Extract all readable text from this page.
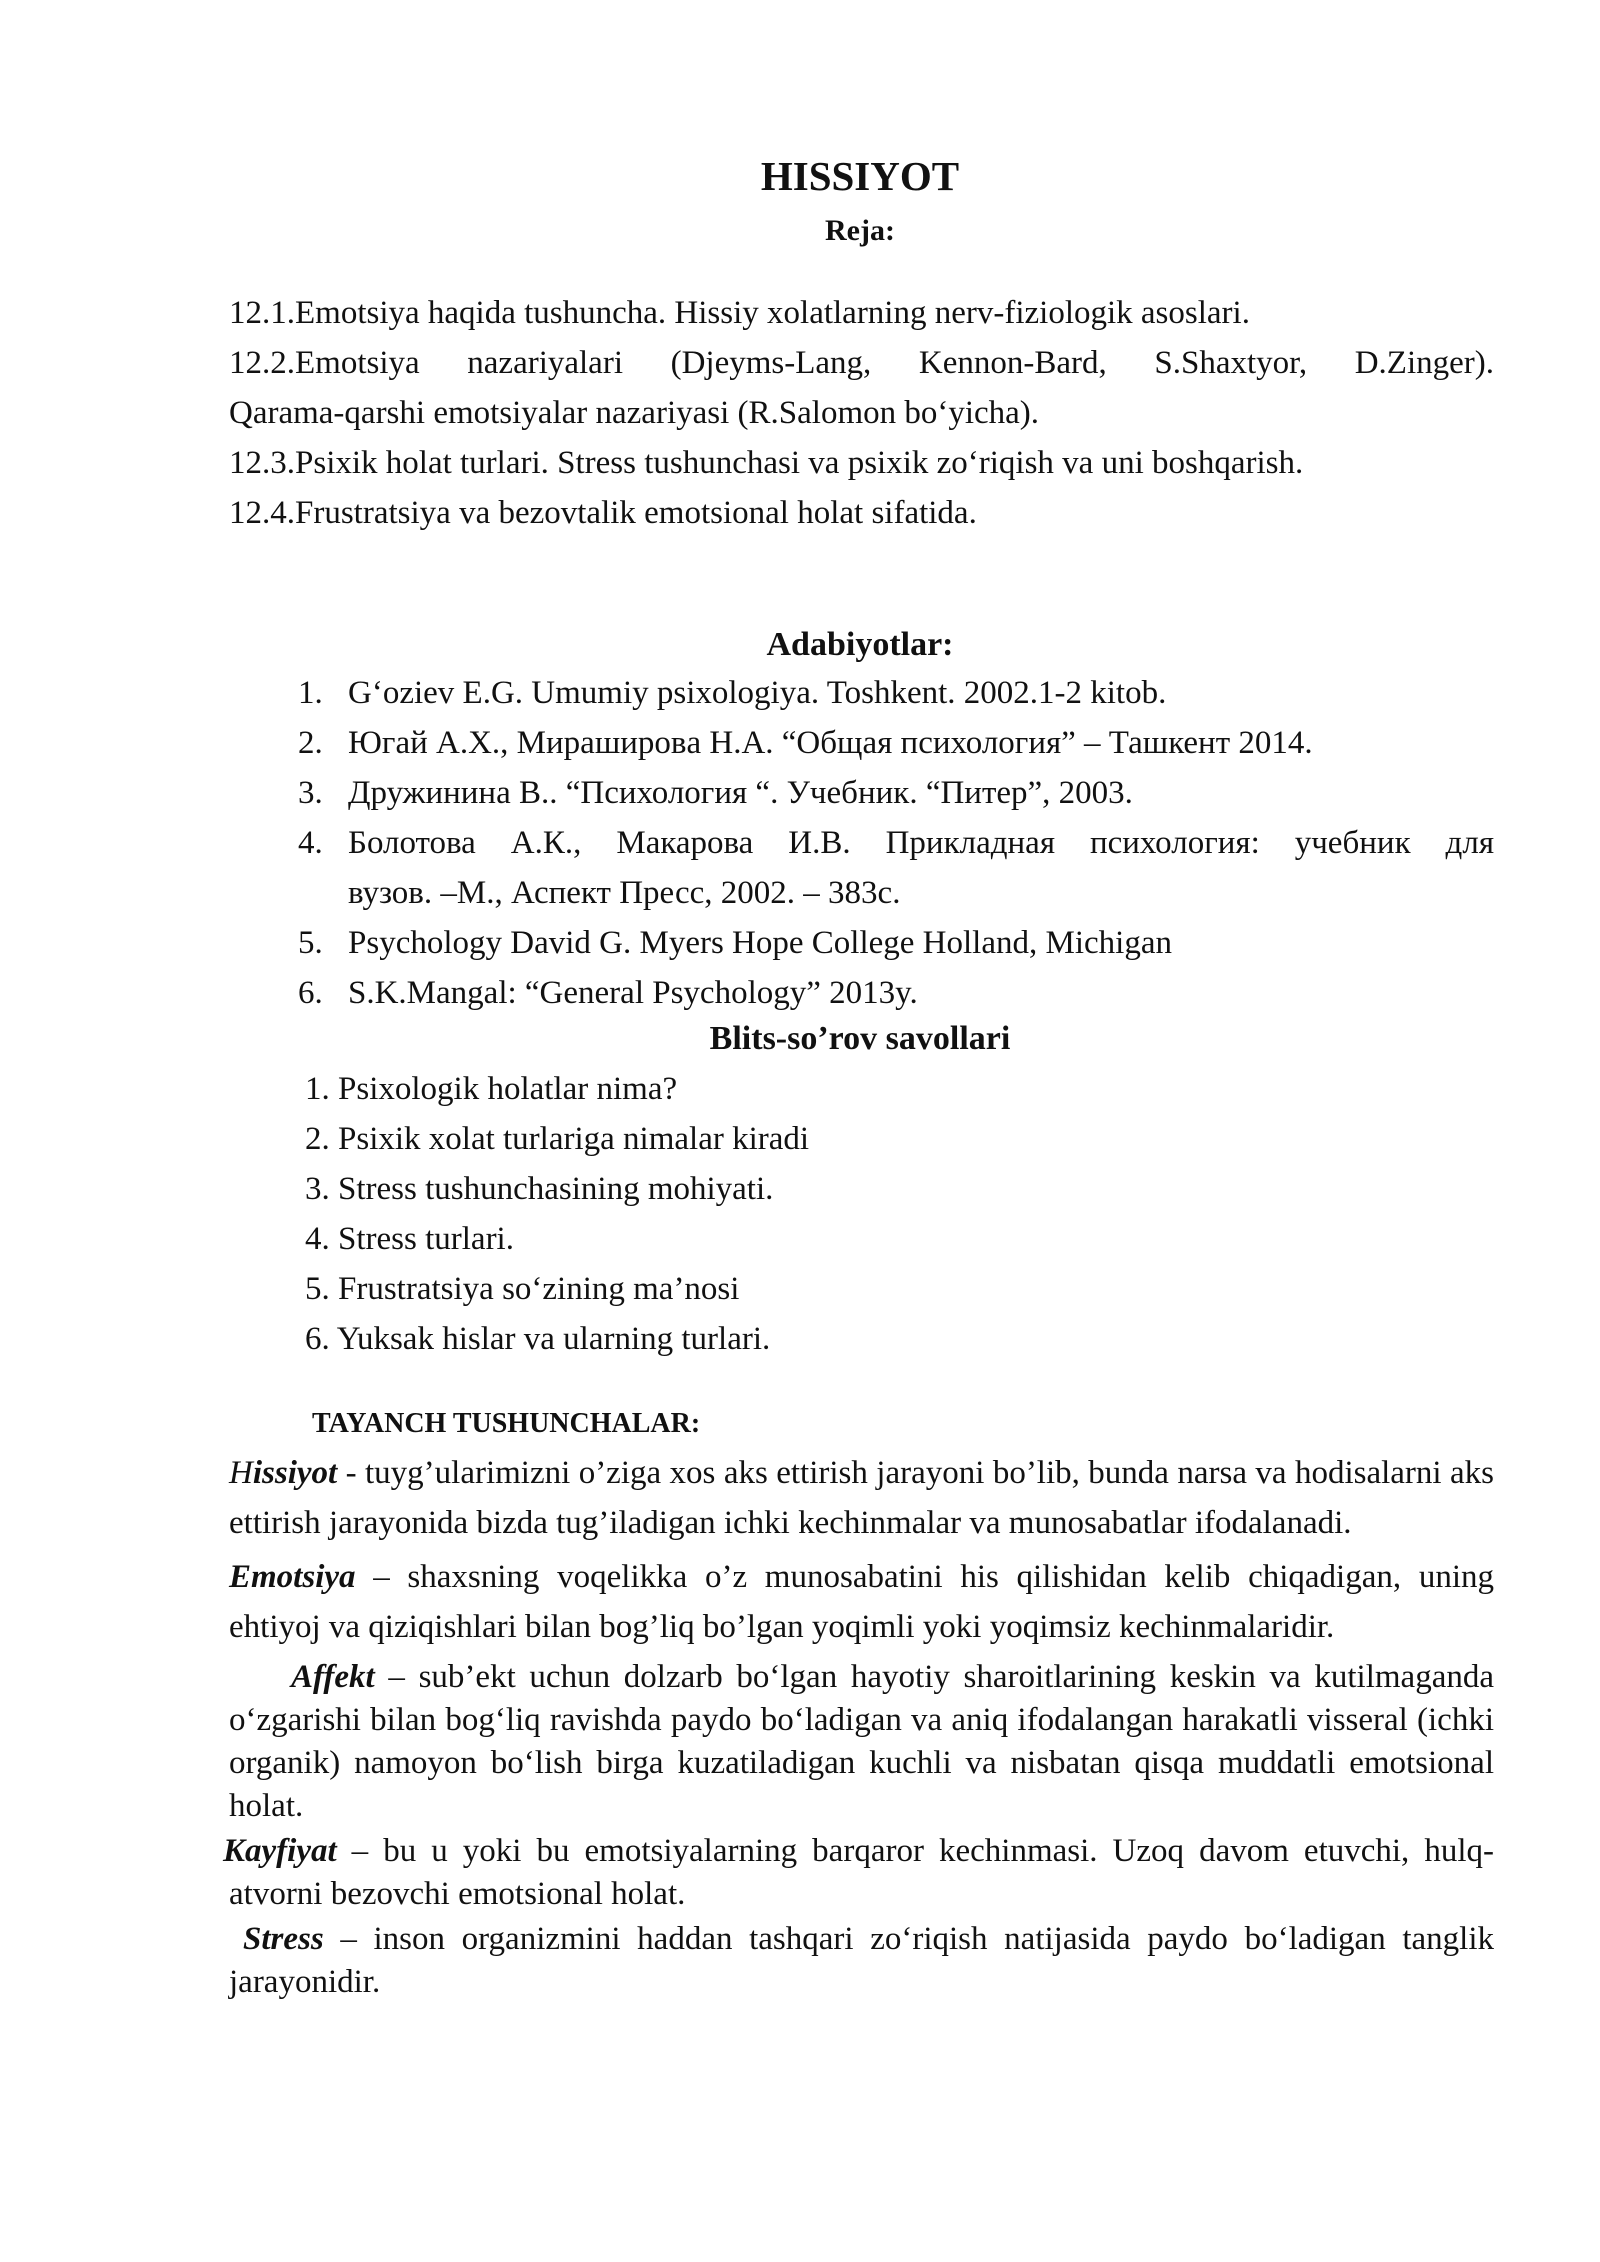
HISSIYOT
Reja:
12.1.Emotsiya haqida tushuncha. Hissiy xolatlarning nerv-fiziologik asoslari.
12.2.Emotsiya nazariyalari (Djeyms-Lang, Kennon-Bard, S.Shaxtyor, D.Zinger).
Qarama-qarshi emotsiyalar nazariyasi (R.Salomon bo‘yicha).
12.3.Psixik holat turlari. Stress tushunchasi va psixik zo‘riqish va uni boshqarish.
12.4.Frustratsiya va bezovtalik emotsional holat sifatida.
Adabiyotlar:
1. G‘oziev E.G. Umumiy psixologiya. Toshkent. 2002.1-2 kitob.
2. Югай А.Х., Мирашировa Н.А. “Общая психология” – Ташкент 2014.
3. Дружинина В.. “Психология “. Учебник. “Питер”, 2003.
4. Болотова А.К., Макарова И.В. Прикладная психология: учебник для
вузов. –М., Аспект Пресс, 2002. – 383с.
5. Psychology David G. Myers Hope College Holland, Michigan
6. S.K.Mangal: “General Psychology” 2013y.
Blits-so’rov savollari
1. Psixologik holatlar nima?
2. Psixik xolat turlariga nimalar kiradi
3. Stress tushunchasining mohiyati.
4. Stress turlari.
5. Frustratsiya so‘zining ma’nosi
6. Yuksak hislar va ularning turlari.
TAYANCH TUSHUNCHALAR:

Hissiyot - tuyg’ularimizni o’ziga xos aks ettirish jarayoni bo’lib, bunda narsa va hodisalarni aks ettirish jarayonida bizda tug’iladigan ichki kechinmalar va munosabatlar ifodalanadi.

Emotsiya – shaxsning voqelikka o’z munosabatini his qilishidan kelib chiqadigan, uning ehtiyoj va qiziqishlari bilan bog’liq bo’lgan yoqimli yoki yoqimsiz kechinmalaridir.

Affekt – sub’ekt uchun dolzarb bo‘lgan hayotiy sharoitlarining keskin va kutilmaganda o‘zgarishi bilan bog‘liq ravishda paydo bo‘ladigan va aniq ifodalangan harakatli visseral (ichki organik) namoyon bo‘lish birga kuzatiladigan kuchli va nisbatan qisqa muddatli emotsional holat.

Kayfiyat – bu u yoki bu emotsiyalarning barqaror kechinmasi. Uzoq davom etuvchi, hulq-atvorni bezovchi emotsional holat.

Stress – inson organizmini haddan tashqari zo‘riqish natijasida paydo bo‘ladigan tanglik jarayonidir.
